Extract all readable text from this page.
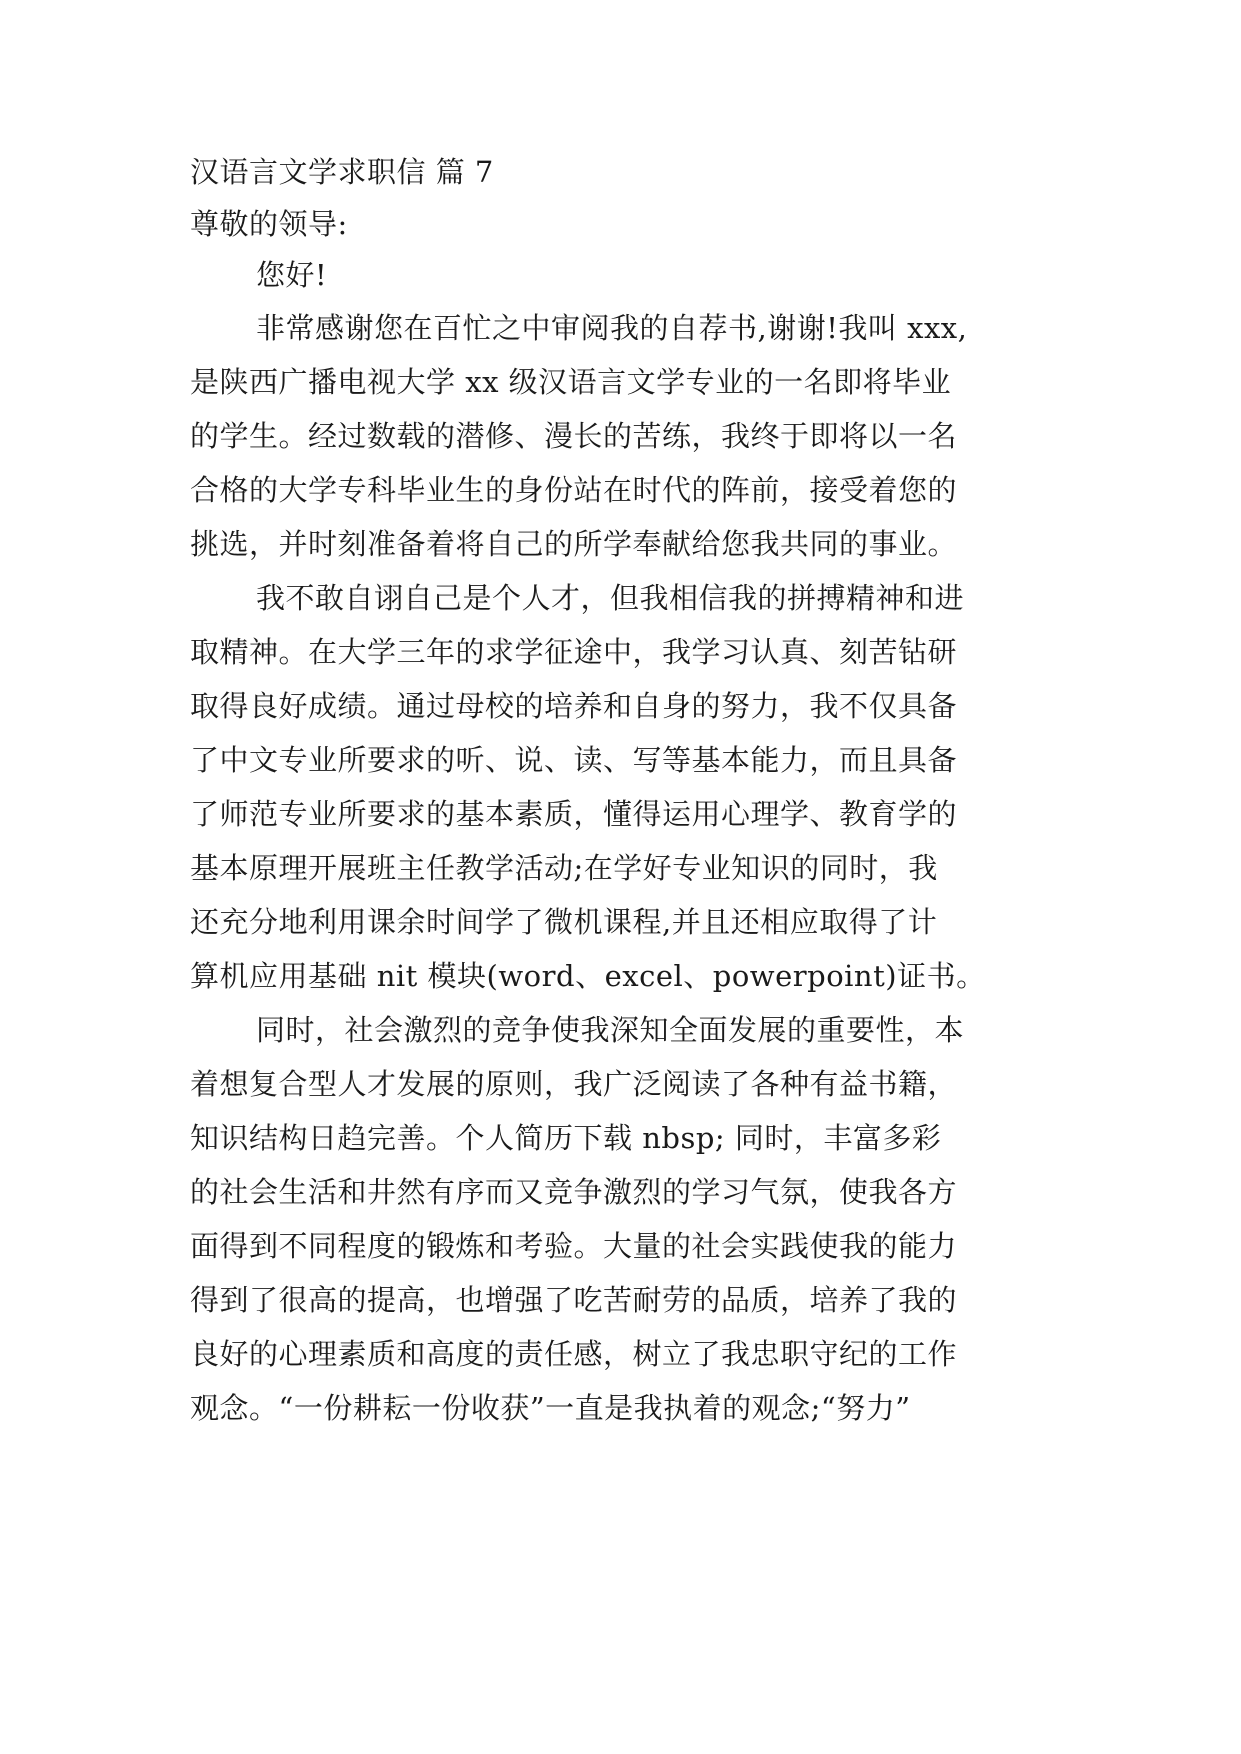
汉语言文学求职信 篇 7
尊敬的领导:
您好!
非常感谢您在百忙之中审阅我的自荐书,谢谢!我叫 xxx,
是陕西广播电视大学 xx 级汉语言文学专业的一名即将毕业
的学生。经过数载的潜修、漫长的苦练，我终于即将以一名
合格的大学专科毕业生的身份站在时代的阵前，接受着您的
挑选，并时刻准备着将自己的所学奉献给您我共同的事业。
我不敢自诩自己是个人才，但我相信我的拼搏精神和进
取精神。在大学三年的求学征途中，我学习认真、刻苦钻研
取得良好成绩。通过母校的培养和自身的努力，我不仅具备
了中文专业所要求的听、说、读、写等基本能力，而且具备
了师范专业所要求的基本素质，懂得运用心理学、教育学的
基本原理开展班主任教学活动;在学好专业知识的同时，我
还充分地利用课余时间学了微机课程,并且还相应取得了计
算机应用基础 nit 模块(word、excel、powerpoint)证书。
同时，社会激烈的竞争使我深知全面发展的重要性，本
着想复合型人才发展的原则，我广泛阅读了各种有益书籍，
知识结构日趋完善。个人简历下载 nbsp; 同时，丰富多彩
的社会生活和井然有序而又竞争激烈的学习气氛，使我各方
面得到不同程度的锻炼和考验。大量的社会实践使我的能力
得到了很高的提高，也增强了吃苦耐劳的品质，培养了我的
良好的心理素质和高度的责任感，树立了我忠职守纪的工作
观念。“一份耕耘一份收获”一直是我执着的观念;“努力”
